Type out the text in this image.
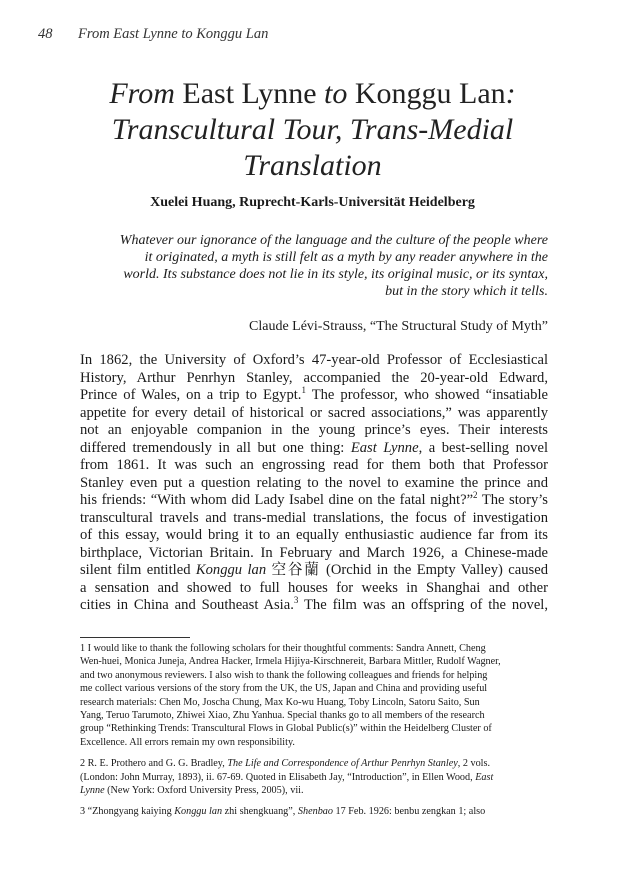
48 From East Lynne to Konggu Lan
From East Lynne to Konggu Lan:
Transcultural Tour, Trans-Medial
Translation
Xuelei Huang, Ruprecht-Karls-Universität Heidelberg
Whatever our ignorance of the language and the culture of the people where
it originated, a myth is still felt as a myth by any reader anywhere in the
world. Its substance does not lie in its style, its original music, or its syntax,
but in the story which it tells.
Claude Lévi-Strauss, “The Structural Study of Myth”
In 1862, the University of Oxford’s 47-year-old Professor of Ecclesiastical
History, Arthur Penrhyn Stanley, accompanied the 20-year-old Edward,
Prince of Wales, on a trip to Egypt.$^1$ The professor, who showed “insatiable
appetite for every detail of historical or sacred associations,” was apparently
not an enjoyable companion in the young prince’s eyes. Their interests
differed tremendously in all but one thing: East Lynne, a best-selling novel
from 1861. It was such an engrossing read for them both that Professor
Stanley even put a question relating to the novel to examine the prince and
his friends: “With whom did Lady Isabel dine on the fatal night?”$^2$ The story’s
transcultural travels and trans-medial translations, the focus of investigation
of this essay, would bring it to an equally enthusiastic audience far from its
birthplace, Victorian Britain. In February and March 1926, a Chinese-made
silent film entitled Konggu lan 空谷蘭 (Orchid in the Empty Valley) caused
a sensation and showed to full houses for weeks in Shanghai and other
cities in China and Southeast Asia.$^3$ The film was an offspring of the novel,
1 I would like to thank the following scholars for their thoughtful comments: Sandra Annett, Cheng
Wen-huei, Monica Juneja, Andrea Hacker, Irmela Hijiya-Kirschnereit, Barbara Mittler, Rudolf Wagner,
and two anonymous reviewers. I also wish to thank the following colleagues and friends for helping
me collect various versions of the story from the UK, the US, Japan and China and providing useful
research materials: Chen Mo, Joscha Chung, Max Ko-wu Huang, Toby Lincoln, Satoru Saito, Sun
Yang, Teruo Tarumoto, Zhiwei Xiao, Zhu Yanhua. Special thanks go to all members of the research
group “Rethinking Trends: Transcultural Flows in Global Public(s)” within the Heidelberg Cluster of
Excellence. All errors remain my own responsibility.
2 R. E. Prothero and G. G. Bradley, The Life and Correspondence of Arthur Penrhyn Stanley, 2 vols.
(London: John Murray, 1893), ii. 67-69. Quoted in Elisabeth Jay, “Introduction”, in Ellen Wood, East
Lynne (New York: Oxford University Press, 2005), vii.
3 “Zhongyang kaiying Konggu lan zhi shengkuang”, Shenbao 17 Feb. 1926: benbu zengkan 1; also
